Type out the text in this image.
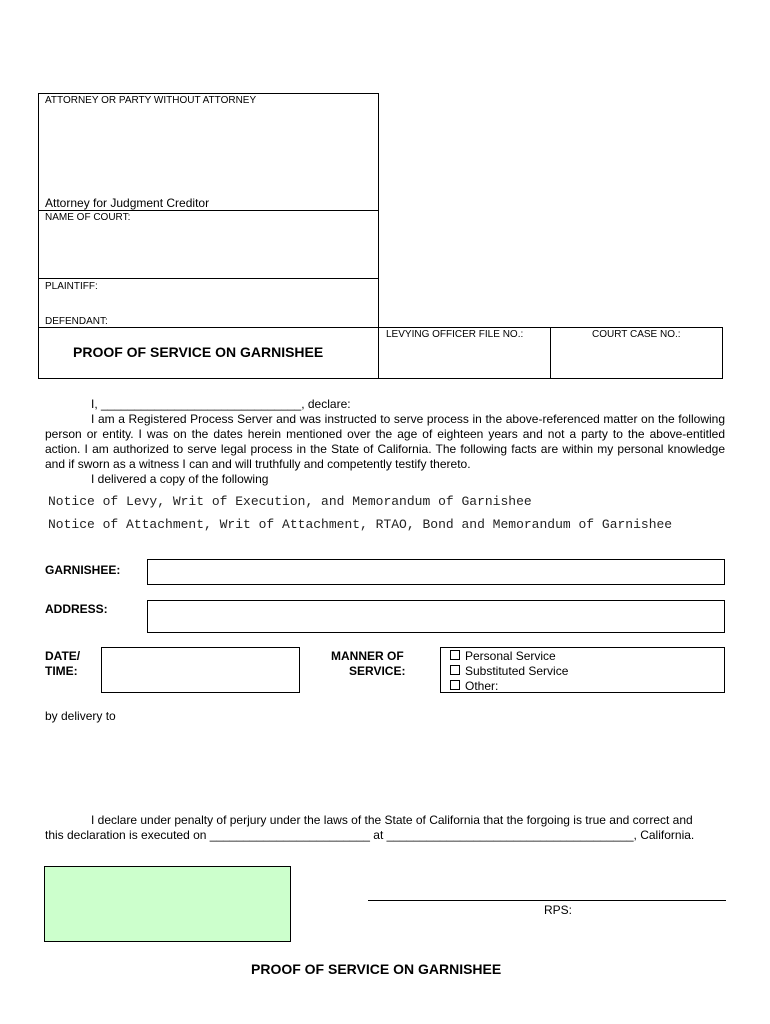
ATTORNEY OR PARTY WITHOUT ATTORNEY
Attorney for Judgment Creditor
NAME OF COURT:
PLAINTIFF:
DEFENDANT:
PROOF OF SERVICE ON GARNISHEE
LEVYING OFFICER FILE NO.:	COURT CASE NO.:
I, ______________________________, declare:
I am a Registered Process Server and was instructed to serve process in the above-referenced matter on the following person or entity. I was on the dates herein mentioned over the age of eighteen years and not a party to the above-entitled action. I am authorized to serve legal process in the State of California. The following facts are within my personal knowledge and if sworn as a witness I can and will truthfully and competently testify thereto.
I delivered a copy of the following
Notice of Levy, Writ of Execution, and Memorandum of Garnishee
Notice of Attachment, Writ of Attachment, RTAO, Bond and Memorandum of Garnishee
GARNISHEE:
ADDRESS:
DATE/
TIME:
MANNER OF
SERVICE:
Personal Service
Substituted Service
Other:
by delivery to
I declare under penalty of perjury under the laws of the State of California that the forgoing is true and correct and
this declaration is executed on ________________________ at _____________________________________, California.
RPS:
PROOF OF SERVICE ON GARNISHEE
